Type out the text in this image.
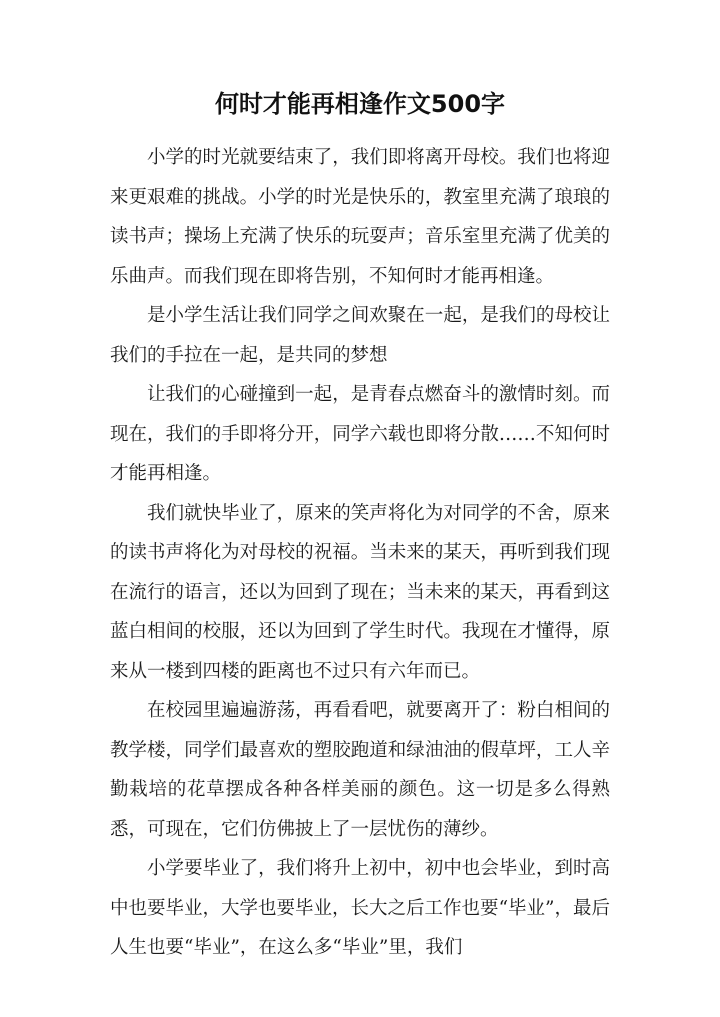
何时才能再相逢作文500字

小学的时光就要结束了，我们即将离开母校。我们也将迎来更艰难的挑战。小学的时光是快乐的，教室里充满了琅琅的读书声；操场上充满了快乐的玩耍声；音乐室里充满了优美的乐曲声。而我们现在即将告别，不知何时才能再相逢。

是小学生活让我们同学之间欢聚在一起，是我们的母校让我们的手拉在一起，是共同的梦想

让我们的心碰撞到一起，是青春点燃奋斗的激情时刻。而现在，我们的手即将分开，同学六载也即将分散……不知何时才能再相逢。

我们就快毕业了，原来的笑声将化为对同学的不舍，原来的读书声将化为对母校的祝福。当未来的某天，再听到我们现在流行的语言，还以为回到了现在；当未来的某天，再看到这蓝白相间的校服，还以为回到了学生时代。我现在才懂得，原来从一楼到四楼的距离也不过只有六年而已。

在校园里遍遍游荡，再看看吧，就要离开了：粉白相间的教学楼，同学们最喜欢的塑胶跑道和绿油油的假草坪，工人辛勤栽培的花草摆成各种各样美丽的颜色。这一切是多么得熟悉，可现在，它们仿佛披上了一层忧伤的薄纱。

小学要毕业了，我们将升上初中，初中也会毕业，到时高中也要毕业，大学也要毕业，长大之后工作也要“毕业”，最后人生也要“毕业”，在这么多“毕业”里，我们
